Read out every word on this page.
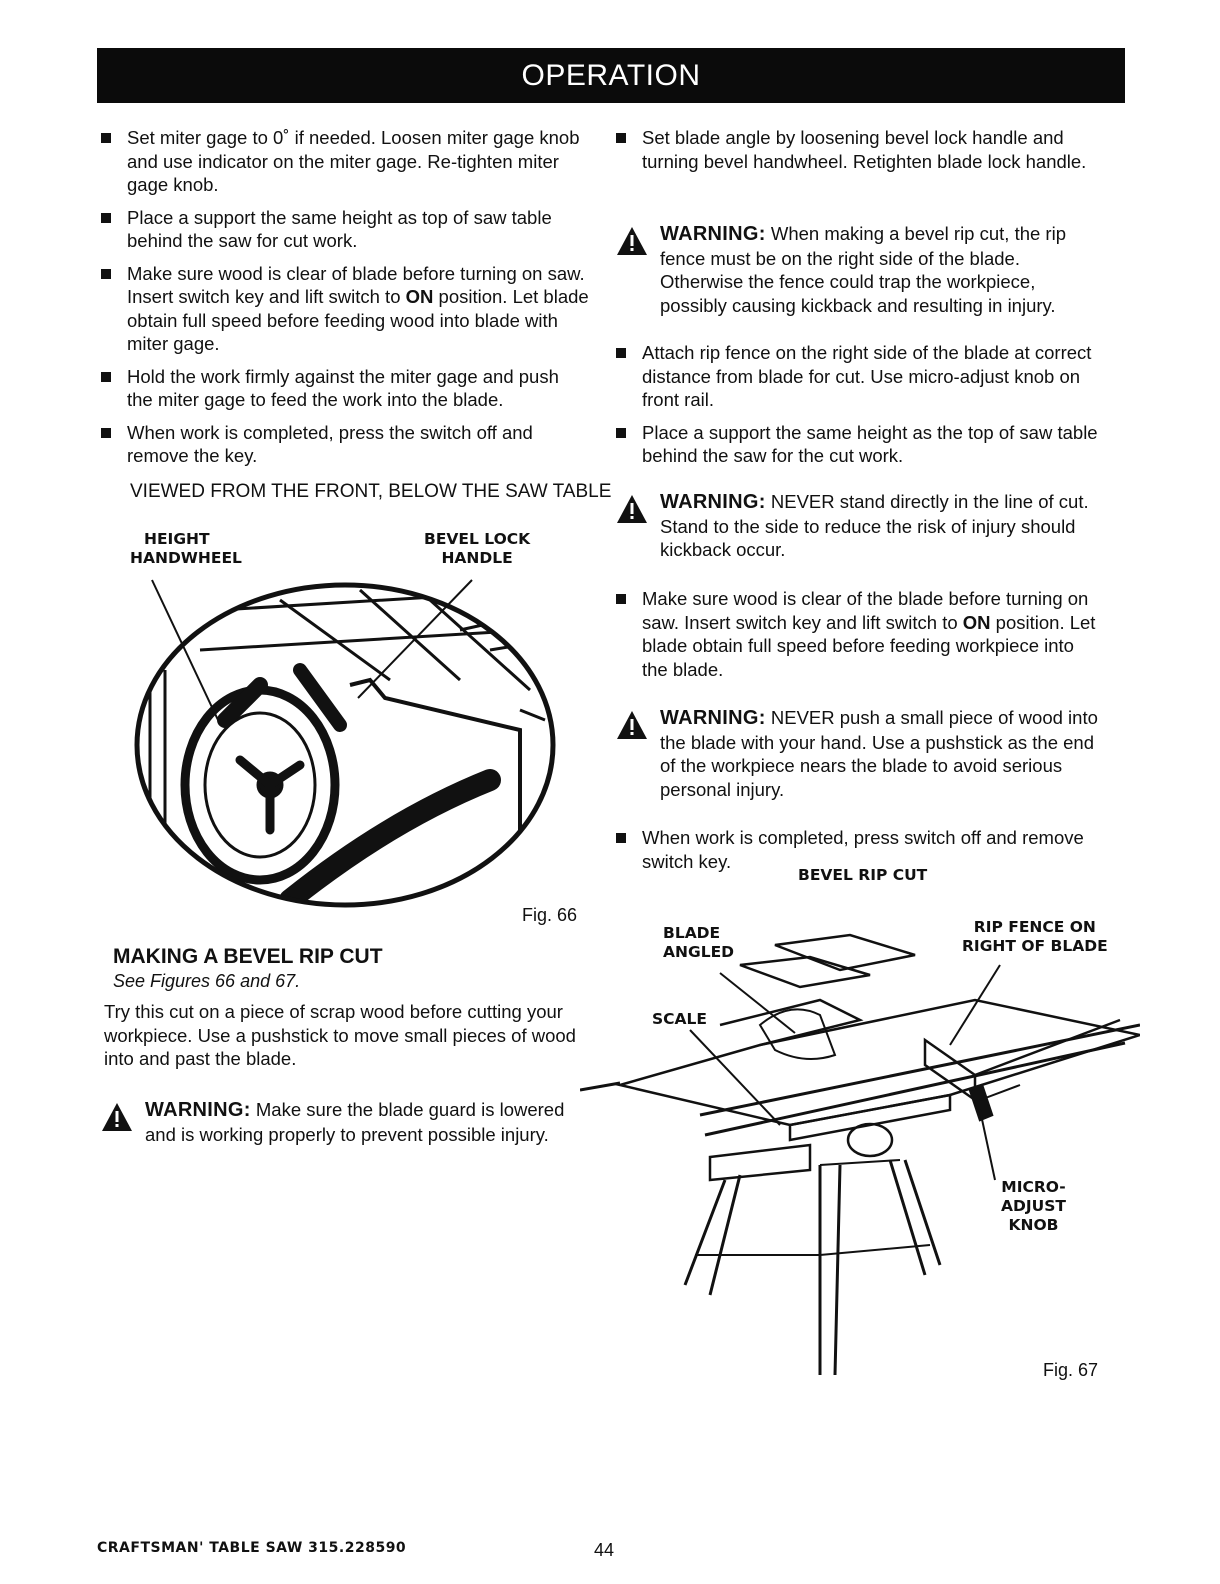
OPERATION
Set miter gage to 0˚ if needed. Loosen miter gage knob and use indicator on the miter gage. Re-tighten miter gage knob.
Place a support the same height as top of saw table behind the saw for cut work.
Make sure wood is clear of blade before turning on saw. Insert switch key and lift switch to ON position. Let blade obtain full speed before feeding wood into blade with miter gage.
Hold the work firmly against the miter gage and push the miter gage to feed the work into the blade.
When work is completed, press the switch off and remove the key.
VIEWED FROM THE FRONT, BELOW THE SAW TABLE
HEIGHT
HANDWHEEL
BEVEL LOCK
HANDLE
Fig. 66
MAKING A BEVEL RIP CUT
See Figures 66 and 67.
Try this cut on a piece of scrap wood before cutting your workpiece. Use a pushstick to move small pieces of wood into and past the blade.
WARNING: Make sure the blade guard is lowered and is working properly to prevent possible injury.
Set blade angle by loosening bevel lock handle and turning bevel handwheel. Retighten blade lock handle.
WARNING: When making a bevel rip cut, the rip fence must be on the right side of the blade. Otherwise the fence could trap the workpiece, possibly causing kickback and resulting in injury.
Attach rip fence on the right side of the blade at correct distance from blade for cut. Use micro-adjust knob on front rail.
Place a support the same height as the top of saw table behind the saw for the cut work.
WARNING: NEVER stand directly in the line of cut. Stand to the side to reduce the risk of injury should kickback occur.
Make sure wood is clear of the blade before turning on saw. Insert switch key and lift switch to ON position. Let blade obtain full speed before feeding workpiece into the blade.
WARNING: NEVER push a small piece of wood into the blade with your hand. Use a pushstick as the end of the workpiece nears the blade to avoid serious personal injury.
When work is completed, press switch off and remove switch key.
BEVEL RIP CUT
BLADE
ANGLED
RIP FENCE ON
RIGHT OF BLADE
SCALE
MICRO-
ADJUST
KNOB
Fig. 67
CRAFTSMAN' TABLE SAW 315.228590	44
